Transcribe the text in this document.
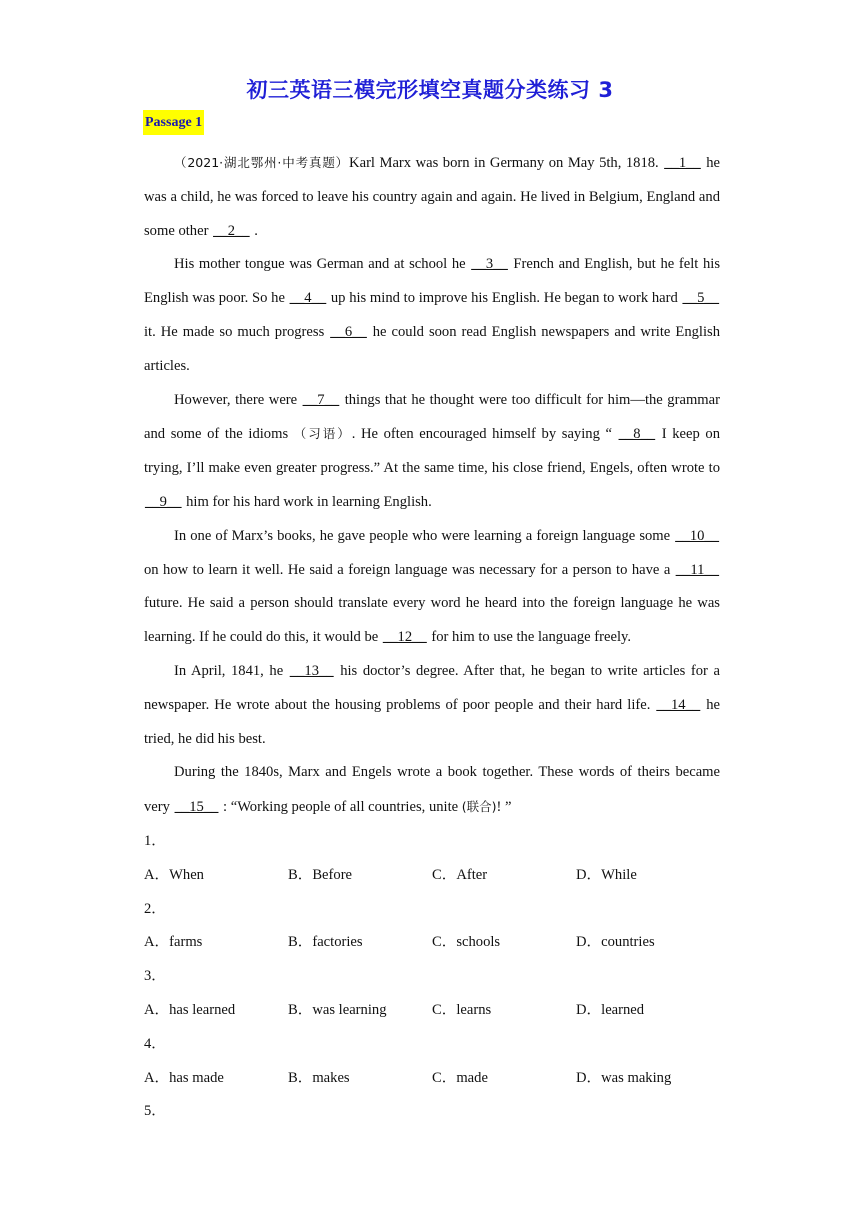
初三英语三模完形填空真题分类练习 3
Passage 1

（2021·湖北鄂州·中考真题）Karl Marx was born in Germany on May 5th, 1818. __1__ he was a child, he was forced to leave his country again and again. He lived in Belgium, England and some other __2__ .

His mother tongue was German and at school he __3__ French and English, but he felt his English was poor. So he __4__ up his mind to improve his English. He began to work hard __5__ it. He made so much progress __6__ he could soon read English newspapers and write English articles.

However, there were __7__ things that he thought were too difficult for him—the grammar and some of the idioms （习语）. He often encouraged himself by saying “ __8__ I keep on trying, I’ll make even greater progress.” At the same time, his close friend, Engels, often wrote to __9__ him for his hard work in learning English.

In one of Marx’s books, he gave people who were learning a foreign language some __10__ on how to learn it well. He said a foreign language was necessary for a person to have a __11__ future. He said a person should translate every word he heard into the foreign language he was learning. If he could do this, it would be __12__ for him to use the language freely.

In April, 1841, he __13__ his doctor’s degree. After that, he began to write articles for a newspaper. He wrote about the housing problems of poor people and their hard life. __14__ he tried, he did his best.

During the 1840s, Marx and Engels wrote a book together. These words of theirs became very __15__ : “Working people of all countries, unite (联合)! ”

1．
A．When	B．Before	C．After	D．While
2．
A．farms	B．factories	C．schools	D．countries
3．
A．has learned	B．was learning	C．learns	D．learned
4．
A．has made	B．makes	C．made	D．was making
5．
